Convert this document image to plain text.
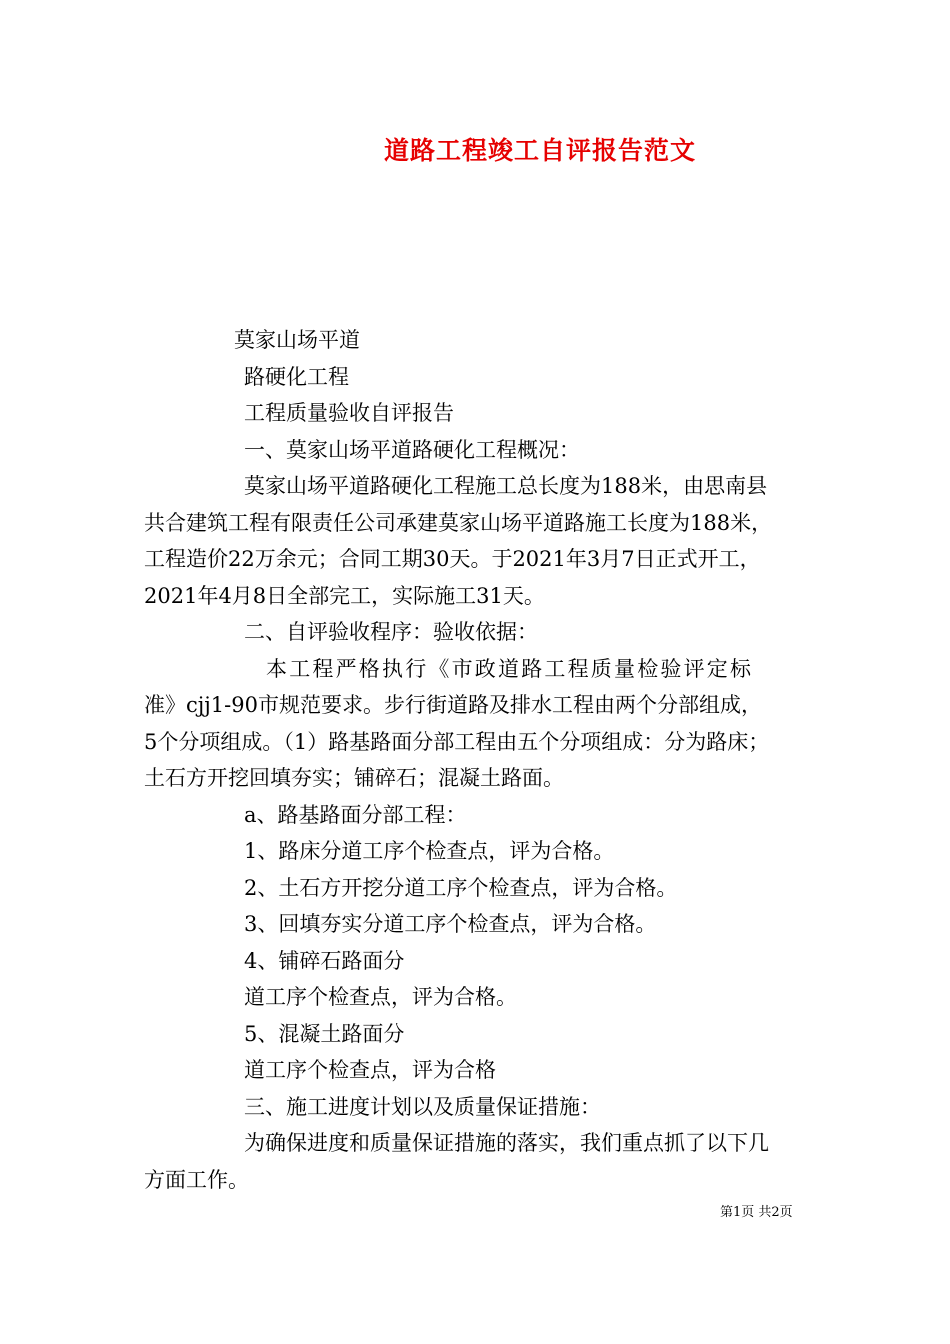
道路工程竣工自评报告范文
莫家山场平道
路硬化工程
工程质量验收自评报告
一、莫家山场平道路硬化工程概况：
莫家山场平道路硬化工程施工总长度为188米，由思南县
共合建筑工程有限责任公司承建莫家山场平道路施工长度为188米，
工程造价22万余元；合同工期30天。于2021年3月7日正式开工，
2021年4月8日全部完工，实际施工31天。
二、自评验收程序：验收依据：
本工程严格执行《市政道路工程质量检验评定标
准》cjj1-90市规范要求。步行街道路及排水工程由两个分部组成，
5个分项组成。（1）路基路面分部工程由五个分项组成：分为路床；
土石方开挖回填夯实；铺碎石；混凝土路面。
a、路基路面分部工程：
1、路床分道工序个检查点，评为合格。
2、土石方开挖分道工序个检查点，评为合格。
3、回填夯实分道工序个检查点，评为合格。
4、铺碎石路面分
道工序个检查点，评为合格。
5、混凝土路面分
道工序个检查点，评为合格
三、施工进度计划以及质量保证措施：
为确保进度和质量保证措施的落实，我们重点抓了以下几
方面工作。
第1页 共2页
